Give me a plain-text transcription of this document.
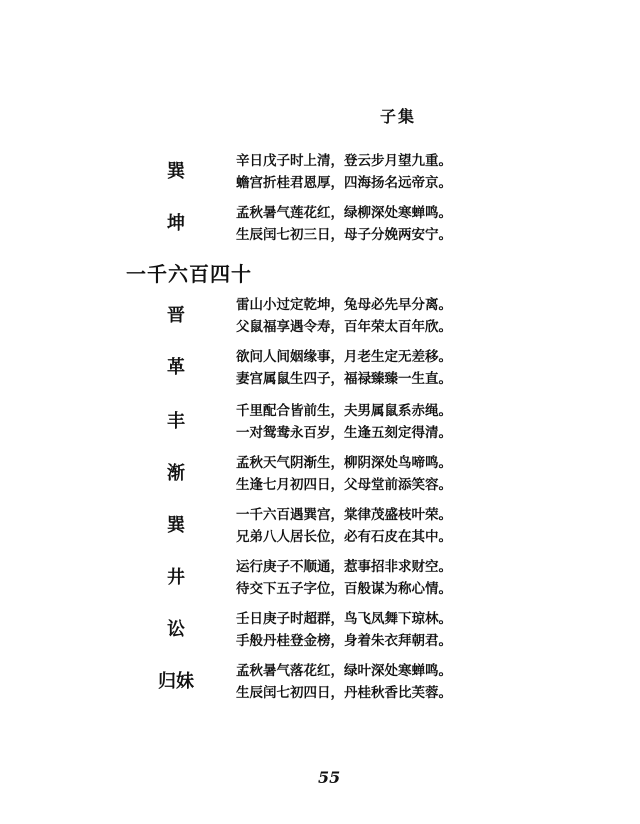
子集
巽	辛日戊子时上清，登云步月望九重。
蟾宫折桂君恩厚，四海扬名远帝京。
坤	孟秋暑气莲花红，绿柳深处寒蝉鸣。
生辰闰七初三日，母子分娩两安宁。
一千六百四十
晋	雷山小过定乾坤，兔母必先早分离。
父鼠福享遇令寿，百年荣太百年欣。
革	欲问人间姻缘事，月老生定无差移。
妻宫属鼠生四子，福禄臻臻一生直。
丰	千里配合皆前生，夫男属鼠系赤绳。
一对鸳鸯永百岁，生逢五刻定得清。
渐	孟秋天气阴渐生，柳阴深处鸟啼鸣。
生逢七月初四日，父母堂前添笑容。
巽	一千六百遇巽宫，棠律茂盛枝叶荣。
兄弟八人居长位，必有石皮在其中。
井	运行庚子不顺通，惹事招非求财空。
待交下五子字位，百般谋为称心情。
讼	壬日庚子时超群，鸟飞凤舞下琼林。
手般丹桂登金榜，身着朱衣拜朝君。
归妹	孟秋暑气落花红，绿叶深处寒蝉鸣。
生辰闰七初四日，丹桂秋香比芙蓉。
55
